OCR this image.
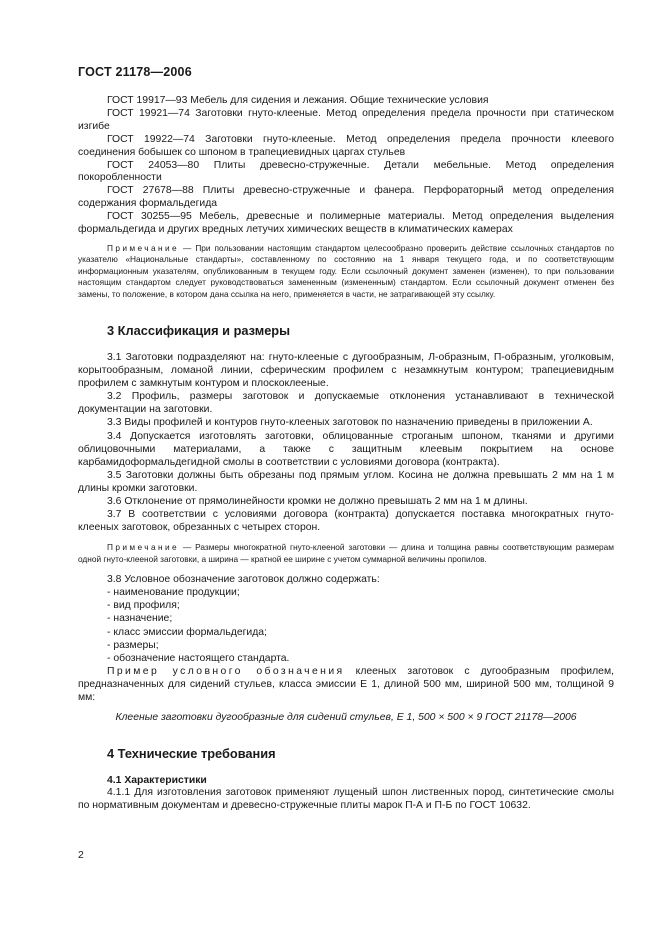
ГОСТ 21178—2006

ГОСТ 19917—93 Мебель для сидения и лежания. Общие технические условия

ГОСТ 19921—74 Заготовки гнуто-клееные. Метод определения предела прочности при статическом изгибе

ГОСТ 19922—74 Заготовки гнуто-клееные. Метод определения предела прочности клеевого соединения бобышек со шпоном в трапециевидных царгах стульев

ГОСТ 24053—80 Плиты древесно-стружечные. Детали мебельные. Метод определения покоробленности

ГОСТ 27678—88 Плиты древесно-стружечные и фанера. Перфораторный метод определения содержания формальдегида

ГОСТ 30255—95 Мебель, древесные и полимерные материалы. Метод определения выделения формальдегида и других вредных летучих химических веществ в климатических камерах

Примечание — При пользовании настоящим стандартом целесообразно проверить действие ссылочных стандартов по указателю «Национальные стандарты», составленному по состоянию на 1 января текущего года, и по соответствующим информационным указателям, опубликованным в текущем году. Если ссылочный документ заменен (изменен), то при пользовании настоящим стандартом следует руководствоваться замененным (измененным) стандартом. Если ссылочный документ отменен без замены, то положение, в котором дана ссылка на него, применяется в части, не затрагивающей эту ссылку.

3 Классификация и размеры

3.1 Заготовки подразделяют на: гнуто-клееные с дугообразным, Л-образным, П-образным, уголковым, корытообразным, ломаной линии, сферическим профилем с незамкнутым контуром; трапециевидным профилем с замкнутым контуром и плоскоклееные.

3.2 Профиль, размеры заготовок и допускаемые отклонения устанавливают в технической документации на заготовки.

3.3 Виды профилей и контуров гнуто-клееных заготовок по назначению приведены в приложении А.

3.4 Допускается изготовлять заготовки, облицованные строганым шпоном, тканями и другими облицовочными материалами, а также с защитным клеевым покрытием на основе карбамидоформальдегидной смолы в соответствии с условиями договора (контракта).

3.5 Заготовки должны быть обрезаны под прямым углом. Косина не должна превышать 2 мм на 1 м длины кромки заготовки.

3.6 Отклонение от прямолинейности кромки не должно превышать 2 мм на 1 м длины.

3.7 В соответствии с условиями договора (контракта) допускается поставка многократных гнуто-клееных заготовок, обрезанных с четырех сторон.

Примечание — Размеры многократной гнуто-клееной заготовки — длина и толщина равны соответствующим размерам одной гнуто-клееной заготовки, а ширина — кратной ее ширине с учетом суммарной величины пропилов.

3.8 Условное обозначение заготовок должно содержать:

- наименование продукции;
- вид профиля;
- назначение;
- класс эмиссии формальдегида;
- размеры;
- обозначение настоящего стандарта.

Пример условного обозначения клееных заготовок с дугообразным профилем, предназначенных для сидений стульев, класса эмиссии Е 1, длиной 500 мм, шириной 500 мм, толщиной 9 мм:

Клееные заготовки дугообразные для сидений стульев, Е 1, 500 × 500 × 9 ГОСТ 21178—2006

4 Технические требования
4.1 Характеристики

4.1.1 Для изготовления заготовок применяют лущеный шпон лиственных пород, синтетические смолы по нормативным документам и древесно-стружечные плиты марок П-А и П-Б по ГОСТ 10632.

2
